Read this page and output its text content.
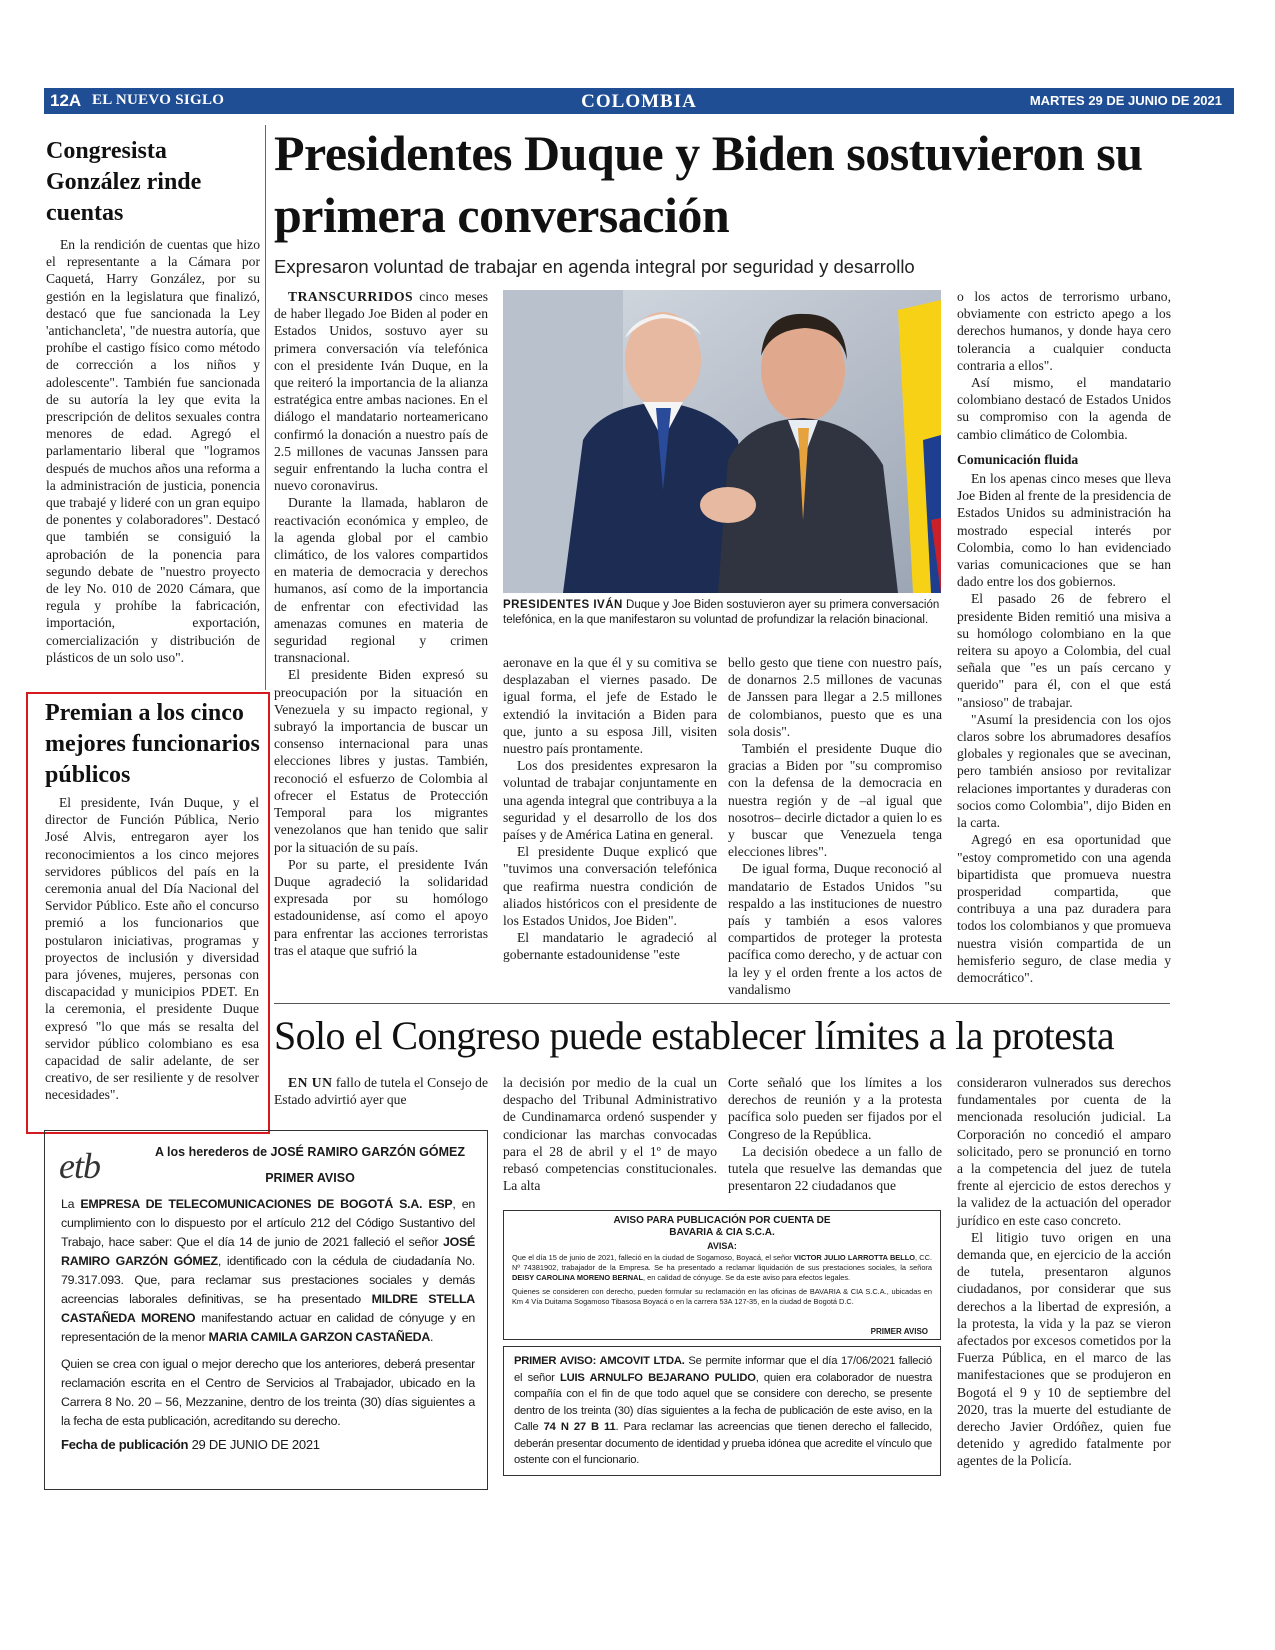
12A EL NUEVO SIGLO	COLOMBIA	MARTES 29 DE JUNIO DE 2021
Congresista González rinde cuentas

En la rendición de cuentas que hizo el representante a la Cámara por Caquetá, Harry González, por su gestión en la legislatura que finalizó, destacó que fue sancionada la Ley 'antichancleta', "de nuestra autoría, que prohíbe el castigo físico como método de corrección a los niños y adolescente". También fue sancionada de su autoría la ley que evita la prescripción de delitos sexuales contra menores de edad. Agregó el parlamentario liberal que "logramos después de muchos años una reforma a la administración de justicia, ponencia que trabajé y lideré con un gran equipo de ponentes y colaboradores". Destacó que también se consiguió la aprobación de la ponencia para segundo debate de "nuestro proyecto de ley No. 010 de 2020 Cámara, que regula y prohíbe la fabricación, importación, exportación, comercialización y distribución de plásticos de un solo uso".

Premian a los cinco mejores funcionarios públicos

El presidente, Iván Duque, y el director de Función Pública, Nerio José Alvis, entregaron ayer los reconocimientos a los cinco mejores servidores públicos del país en la ceremonia anual del Día Nacional del Servidor Público. Este año el concurso premió a los funcionarios que postularon iniciativas, programas y proyectos de inclusión y diversidad para jóvenes, mujeres, personas con discapacidad y municipios PDET. En la ceremonia, el presidente Duque expresó "lo que más se resalta del servidor público colombiano es esa capacidad de salir adelante, de ser creativo, de ser resiliente y de resolver necesidades".

Presidentes Duque y Biden sostuvieron su primera conversación
Expresaron voluntad de trabajar en agenda integral por seguridad y desarrollo

TRANSCURRIDOS cinco meses de haber llegado Joe Biden al poder en Estados Unidos, sostuvo ayer su primera conversación vía telefónica con el presidente Iván Duque, en la que reiteró la importancia de la alianza estratégica entre ambas naciones. En el diálogo el mandatario norteamericano confirmó la donación a nuestro país de 2.5 millones de vacunas Janssen para seguir enfrentando la lucha contra el nuevo coronavirus.

Durante la llamada, hablaron de reactivación económica y empleo, de la agenda global por el cambio climático, de los valores compartidos en materia de democracia y derechos humanos, así como de la importancia de enfrentar con efectividad las amenazas comunes en materia de seguridad regional y crimen transnacional.

El presidente Biden expresó su preocupación por la situación en Venezuela y su impacto regional, y subrayó la importancia de buscar un consenso internacional para unas elecciones libres y justas. También, reconoció el esfuerzo de Colombia al ofrecer el Estatus de Protección Temporal para los migrantes venezolanos que han tenido que salir por la situación de su país.

Por su parte, el presidente Iván Duque agradeció la solidaridad expresada por su homólogo estadounidense, así como el apoyo para enfrentar las acciones terroristas tras el ataque que sufrió la

PRESIDENTES IVÁN Duque y Joe Biden sostuvieron ayer su primera conversación telefónica, en la que manifestaron su voluntad de profundizar la relación binacional.

aeronave en la que él y su comitiva se desplazaban el viernes pasado. De igual forma, el jefe de Estado le extendió la invitación a Biden para que, junto a su esposa Jill, visiten nuestro país prontamente.

Los dos presidentes expresaron la voluntad de trabajar conjuntamente en una agenda integral que contribuya a la seguridad y el desarrollo de los dos países y de América Latina en general.

El presidente Duque explicó que "tuvimos una conversación telefónica que reafirma nuestra condición de aliados históricos con el presidente de los Estados Unidos, Joe Biden".

El mandatario le agradeció al gobernante estadounidense "este

bello gesto que tiene con nuestro país, de donarnos 2.5 millones de vacunas de Janssen para llegar a 2.5 millones de colombianos, puesto que es una sola dosis".

También el presidente Duque dio gracias a Biden por "su compromiso con la defensa de la democracia en nuestra región y de –al igual que nosotros– decirle dictador a quien lo es y buscar que Venezuela tenga elecciones libres".

De igual forma, Duque reconoció al mandatario de Estados Unidos "su respaldo a las instituciones de nuestro país y también a esos valores compartidos de proteger la protesta pacífica como derecho, y de actuar con la ley y el orden frente a los actos de vandalismo

o los actos de terrorismo urbano, obviamente con estricto apego a los derechos humanos, y donde haya cero tolerancia a cualquier conducta contraria a ellos".

Así mismo, el mandatario colombiano destacó de Estados Unidos su compromiso con la agenda de cambio climático de Colombia.

Comunicación fluida

En los apenas cinco meses que lleva Joe Biden al frente de la presidencia de Estados Unidos su administración ha mostrado especial interés por Colombia, como lo han evidenciado varias comunicaciones que se han dado entre los dos gobiernos.

El pasado 26 de febrero el presidente Biden remitió una misiva a su homólogo colombiano en la que reitera su apoyo a Colombia, del cual señala que "es un país cercano y querido" para él, con el que está "ansioso" de trabajar.

"Asumí la presidencia con los ojos claros sobre los abrumadores desafíos globales y regionales que se avecinan, pero también ansioso por revitalizar relaciones importantes y duraderas con socios como Colombia", dijo Biden en la carta.

Agregó en esa oportunidad que "estoy comprometido con una agenda bipartidista que promueva nuestra prosperidad compartida, que contribuya a una paz duradera para todos los colombianos y que promueva nuestra visión compartida de un hemisferio seguro, de clase media y democrático".

Solo el Congreso puede establecer límites a la protesta

EN UN fallo de tutela el Consejo de Estado advirtió ayer que

la decisión por medio de la cual un despacho del Tribunal Administrativo de Cundinamarca ordenó suspender y condicionar las marchas convocadas para el 28 de abril y el 1º de mayo rebasó competencias constitucionales. La alta

Corte señaló que los límites a los derechos de reunión y a la protesta pacífica solo pueden ser fijados por el Congreso de la República.

La decisión obedece a un fallo de tutela que resuelve las demandas que presentaron 22 ciudadanos que

consideraron vulnerados sus derechos fundamentales por cuenta de la mencionada resolución judicial. La Corporación no concedió el amparo solicitado, pero se pronunció en torno a la competencia del juez de tutela frente al ejercicio de estos derechos y la validez de la actuación del operador jurídico en este caso concreto.

El litigio tuvo origen en una demanda que, en ejercicio de la acción de tutela, presentaron algunos ciudadanos, por considerar que sus derechos a la libertad de expresión, a la protesta, la vida y la paz se vieron afectados por excesos cometidos por la Fuerza Pública, en el marco de las manifestaciones que se produjeron en Bogotá el 9 y 10 de septiembre del 2020, tras la muerte del estudiante de derecho Javier Ordóñez, quien fue detenido y agredido fatalmente por agentes de la Policía.

etb	A los herederos de JOSÉ RAMIRO GARZÓN GÓMEZ
PRIMER AVISO
La EMPRESA DE TELECOMUNICACIONES DE BOGOTÁ S.A. ESP, en cumplimiento con lo dispuesto por el artículo 212 del Código Sustantivo del Trabajo, hace saber: Que el día 14 de junio de 2021 falleció el señor JOSÉ RAMIRO GARZÓN GÓMEZ, identificado con la cédula de ciudadanía No. 79.317.093. Que, para reclamar sus prestaciones sociales y demás acreencias laborales definitivas, se ha presentado MILDRE STELLA CASTAÑEDA MORENO manifestando actuar en calidad de cónyuge y en representación de la menor MARIA CAMILA GARZON CASTAÑEDA.
Quien se crea con igual o mejor derecho que los anteriores, deberá presentar reclamación escrita en el Centro de Servicios al Trabajador, ubicado en la Carrera 8 No. 20 – 56, Mezzanine, dentro de los treinta (30) días siguientes a la fecha de esta publicación, acreditando su derecho.
Fecha de publicación 29 DE JUNIO DE 2021
AVISO PARA PUBLICACIÓN POR CUENTA DE
BAVARIA & CIA S.C.A.
AVISA:
Que el día 15 de junio de 2021, falleció en la ciudad de Sogamoso, Boyacá, el señor VICTOR JULIO LARROTTA BELLO, CC. Nº 74381902, trabajador de la Empresa. Se ha presentado a reclamar liquidación de sus prestaciones sociales, la señora DEISY CAROLINA MORENO BERNAL, en calidad de cónyuge. Se da este aviso para efectos legales.
Quienes se consideren con derecho, pueden formular su reclamación en las oficinas de BAVARIA & CIA S.C.A., ubicadas en Km 4 Vía Duitama Sogamoso Tibasosa Boyacá o en la carrera 53A 127-35, en la ciudad de Bogotá D.C.
PRIMER AVISO
PRIMER AVISO: AMCOVIT LTDA. Se permite informar que el día 17/06/2021 falleció el señor LUIS ARNULFO BEJARANO PULIDO, quien era colaborador de nuestra compañía con el fin de que todo aquel que se considere con derecho, se presente dentro de los treinta (30) días siguientes a la fecha de publicación de este aviso, en la Calle 74 N 27 B 11. Para reclamar las acreencias que tienen derecho el fallecido, deberán presentar documento de identidad y prueba idónea que acredite el vínculo que ostente con el funcionario.
